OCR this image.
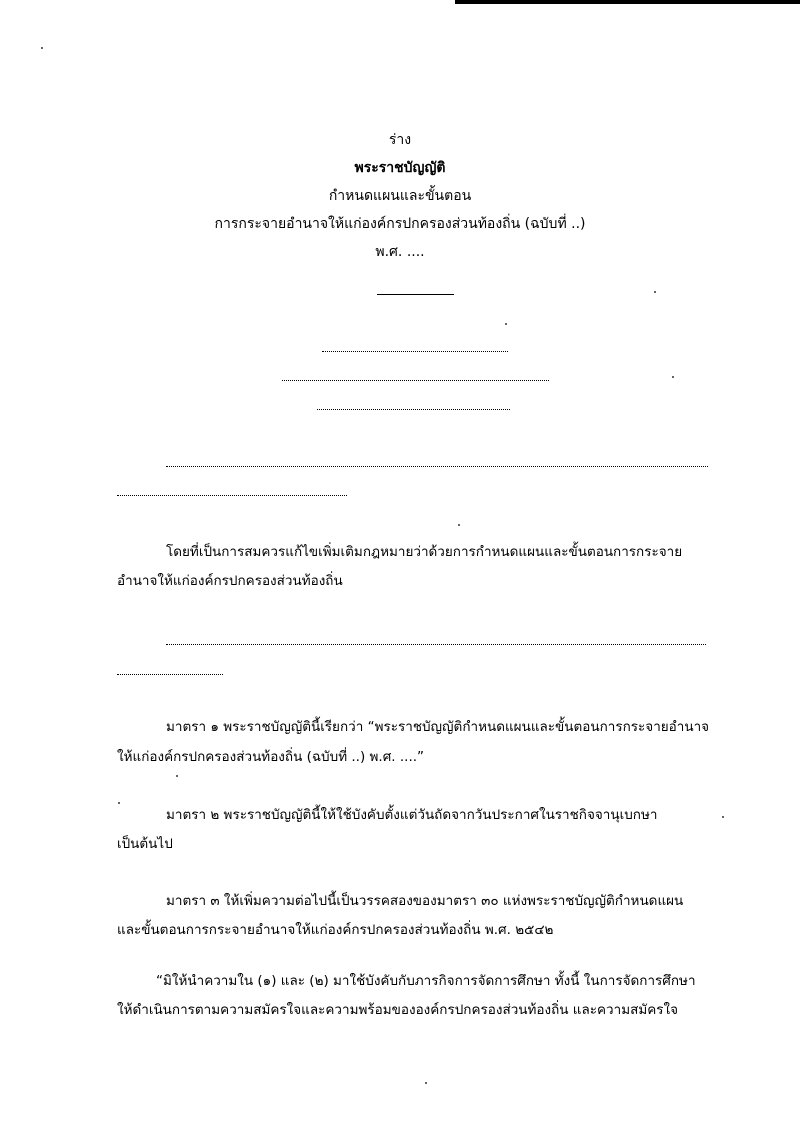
ร่าง
พระราชบัญญัติ
กำหนดแผนและขั้นตอน
การกระจายอำนาจให้แก่องค์กรปกครองส่วนท้องถิ่น (ฉบับที่ ..)
พ.ศ. ....
โดยที่เป็นการสมควรแก้ไขเพิ่มเติมกฎหมายว่าด้วยการกำหนดแผนและขั้นตอนการกระจาย
อำนาจให้แก่องค์กรปกครองส่วนท้องถิ่น
มาตรา ๑ พระราชบัญญัตินี้เรียกว่า “พระราชบัญญัติกำหนดแผนและขั้นตอนการกระจายอำนาจ
ให้แก่องค์กรปกครองส่วนท้องถิ่น (ฉบับที่ ..) พ.ศ. ....”
มาตรา ๒ พระราชบัญญัตินี้ให้ใช้บังคับตั้งแต่วันถัดจากวันประกาศในราชกิจจานุเบกษา
เป็นต้นไป
มาตรา ๓ ให้เพิ่มความต่อไปนี้เป็นวรรคสองของมาตรา ๓๐ แห่งพระราชบัญญัติกำหนดแผน
และขั้นตอนการกระจายอำนาจให้แก่องค์กรปกครองส่วนท้องถิ่น พ.ศ. ๒๕๔๒
“มิให้นำความใน (๑) และ (๒) มาใช้บังคับกับภารกิจการจัดการศึกษา ทั้งนี้ ในการจัดการศึกษา
ให้ดำเนินการตามความสมัครใจและความพร้อมขององค์กรปกครองส่วนท้องถิ่น และความสมัครใจ
